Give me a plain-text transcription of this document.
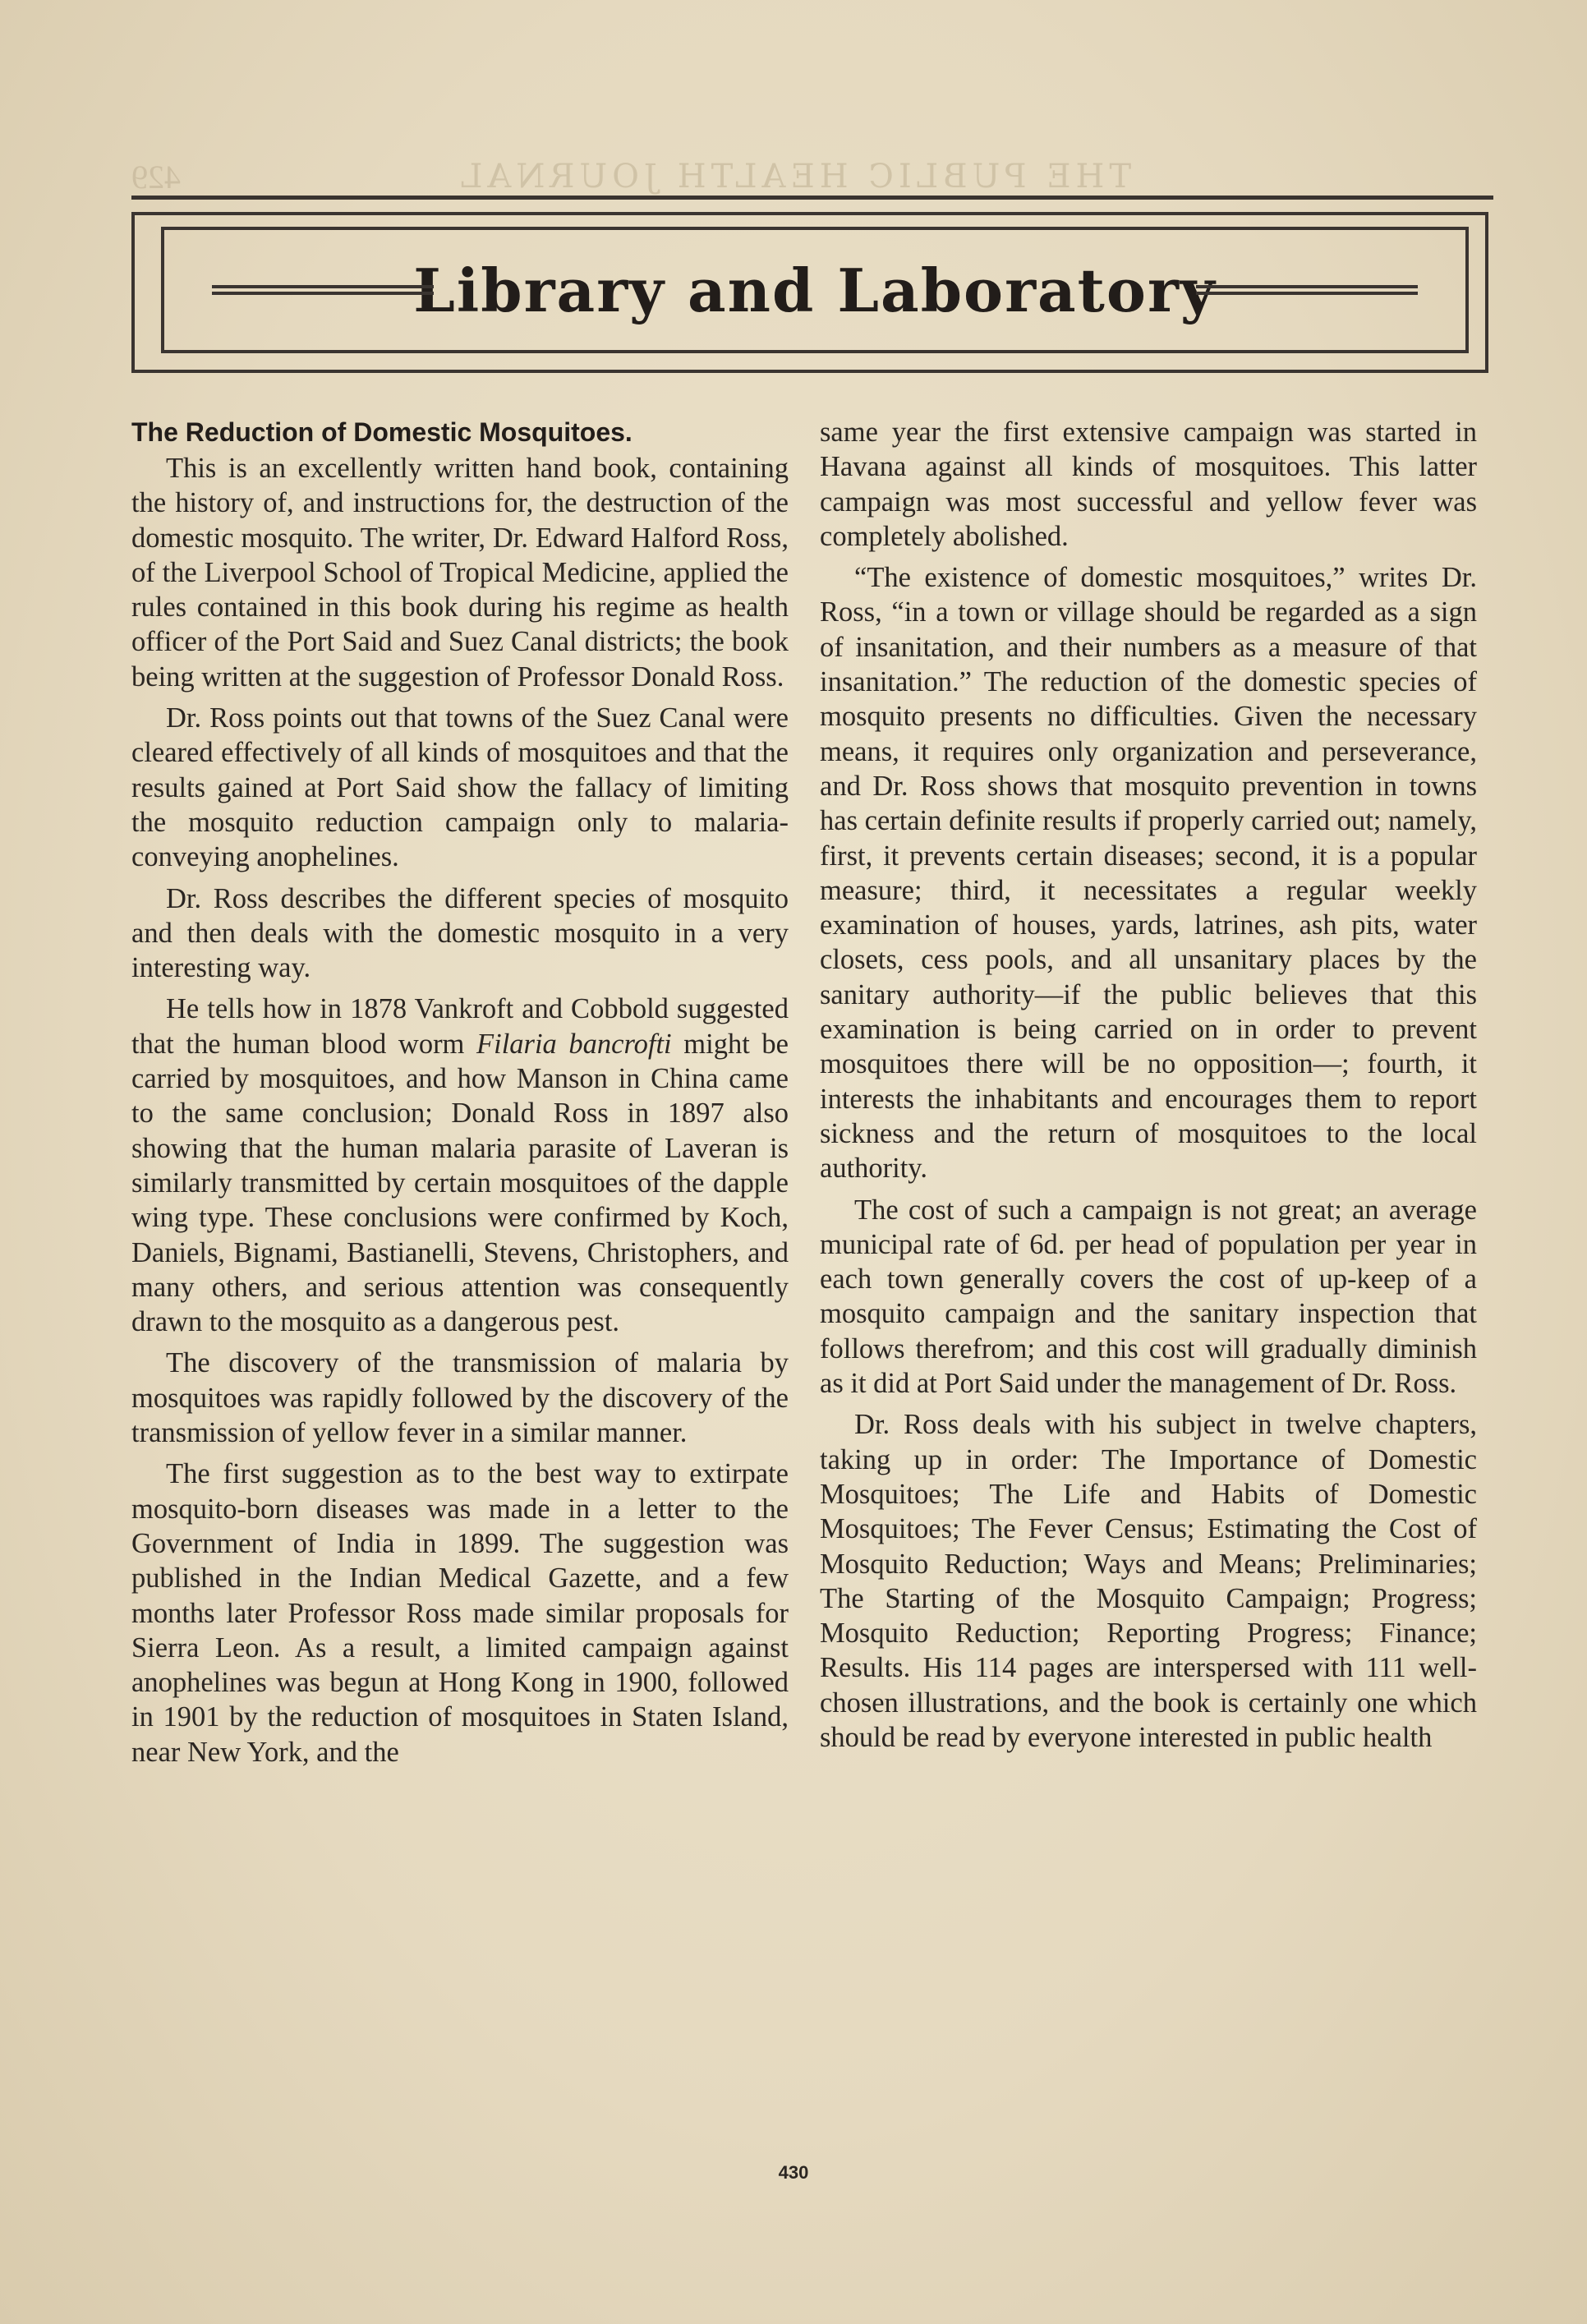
THE PUBLIC HEALTH JOURNAL
429
Library and Laboratory
The Reduction of Domestic Mosquitoes.

This is an excellently written hand book, containing the history of, and instructions for, the destruction of the domestic mosquito. The writer, Dr. Edward Halford Ross, of the Liverpool School of Tropical Medicine, applied the rules contained in this book during his regime as health officer of the Port Said and Suez Canal districts; the book being written at the suggestion of Professor Donald Ross.

Dr. Ross points out that towns of the Suez Canal were cleared effectively of all kinds of mosquitoes and that the results gained at Port Said show the fallacy of limiting the mosquito reduction campaign only to malaria-conveying anophelines.

Dr. Ross describes the different species of mosquito and then deals with the domestic mosquito in a very interesting way.

He tells how in 1878 Vankroft and Cobbold suggested that the human blood worm Filaria bancrofti might be carried by mosquitoes, and how Manson in China came to the same conclusion; Donald Ross in 1897 also showing that the human malaria parasite of Laveran is similarly transmitted by certain mosquitoes of the dapple wing type. These conclusions were confirmed by Koch, Daniels, Bignami, Bastianelli, Stevens, Christophers, and many others, and serious attention was consequently drawn to the mosquito as a dangerous pest.

The discovery of the transmission of malaria by mosquitoes was rapidly followed by the discovery of the transmission of yellow fever in a similar manner.

The first suggestion as to the best way to extirpate mosquito-born diseases was made in a letter to the Government of India in 1899. The suggestion was published in the Indian Medical Gazette, and a few months later Professor Ross made similar proposals for Sierra Leon. As a result, a limited campaign against anophelines was begun at Hong Kong in 1900, followed in 1901 by the reduction of mosquitoes in Staten Island, near New York, and the

same year the first extensive campaign was started in Havana against all kinds of mosquitoes. This latter campaign was most successful and yellow fever was completely abolished.

“The existence of domestic mosquitoes,” writes Dr. Ross, “in a town or village should be regarded as a sign of insanitation, and their numbers as a measure of that insanitation.” The reduction of the domestic species of mosquito presents no difficulties. Given the necessary means, it requires only organization and perseverance, and Dr. Ross shows that mosquito prevention in towns has certain definite results if properly carried out; namely, first, it prevents certain diseases; second, it is a popular measure; third, it necessitates a regular weekly examination of houses, yards, latrines, ash pits, water closets, cess pools, and all unsanitary places by the sanitary authority—if the public believes that this examination is being carried on in order to prevent mosquitoes there will be no opposition—; fourth, it interests the inhabitants and encourages them to report sickness and the return of mosquitoes to the local authority.

The cost of such a campaign is not great; an average municipal rate of 6d. per head of population per year in each town generally covers the cost of up-keep of a mosquito campaign and the sanitary inspection that follows therefrom; and this cost will gradually diminish as it did at Port Said under the management of Dr. Ross.

Dr. Ross deals with his subject in twelve chapters, taking up in order: The Importance of Domestic Mosquitoes; The Life and Habits of Domestic Mosquitoes; The Fever Census; Estimating the Cost of Mosquito Reduction; Ways and Means; Preliminaries; The Starting of the Mosquito Campaign; Progress; Mosquito Reduction; Reporting Progress; Finance; Results. His 114 pages are interspersed with 111 well-chosen illustrations, and the book is certainly one which should be read by everyone interested in public health

430
